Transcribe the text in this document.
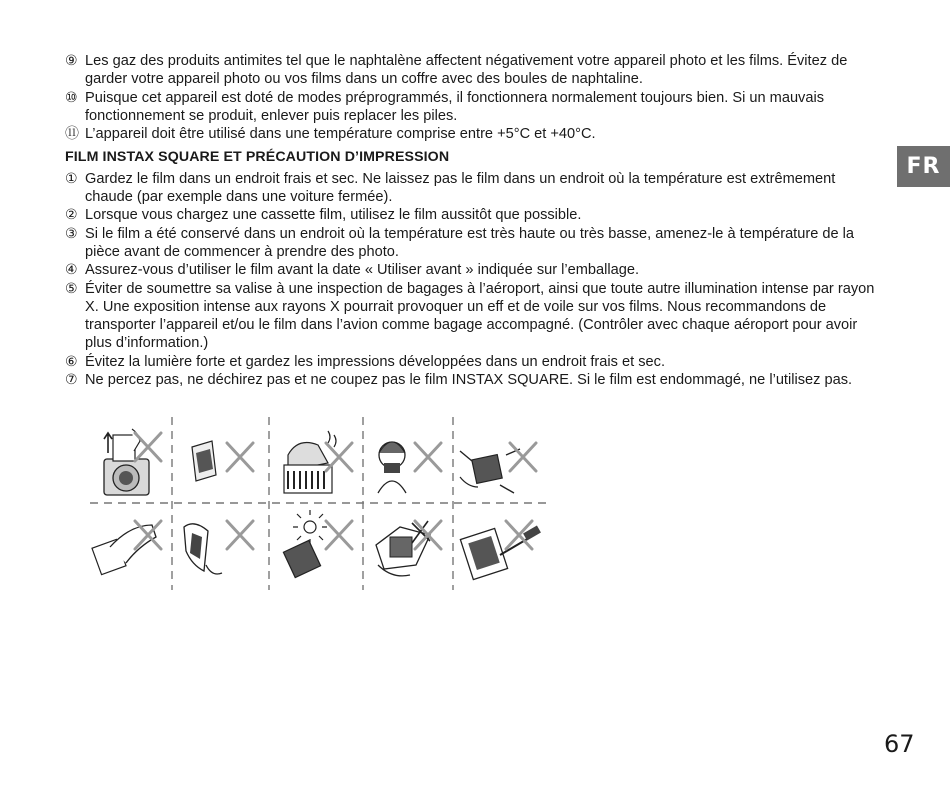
⑨ Les gaz des produits antimites tel que le naphtalène affectent négativement votre appareil photo et les films. Évitez de garder votre appareil photo ou vos films dans un coffre avec des boules de naphtaline.
⑩ Puisque cet appareil est doté de modes préprogrammés, il fonctionnera normalement toujours bien. Si un mauvais fonctionnement se produit, enlever puis replacer les piles.
⑪ L’appareil doit être utilisé dans une température comprise entre +5°C et +40°C.
FILM INSTAX SQUARE ET PRÉCAUTION D’IMPRESSION
① Gardez le film dans un endroit frais et sec. Ne laissez pas le film dans un endroit où la température est extrêmement chaude (par exemple dans une voiture fermée).
② Lorsque vous chargez une cassette film, utilisez le film aussitôt que possible.
③ Si le film a été conservé dans un endroit où la température est très haute ou très basse, amenez-le à température de la pièce avant de commencer à prendre des photo.
④ Assurez-vous d’utiliser le film avant la date « Utiliser avant » indiquée sur l’emballage.
⑤ Éviter de soumettre sa valise à une inspection de bagages à l’aéroport, ainsi que toute autre illumination intense par rayon X. Une exposition intense aux rayons X pourrait provoquer un eff et de voile sur vos films. Nous recommandons de transporter l’appareil et/ou le film dans l’avion comme bagage accompagné. (Contrôler avec chaque aéroport pour avoir plus d’information.)
⑥ Évitez la lumière forte et gardez les impressions développées dans un endroit frais et sec.
⑦ Ne percez pas, ne déchirez pas et ne coupez pas le film INSTAX SQUARE. Si le film est endommagé, ne l’utilisez pas.
FR
67
